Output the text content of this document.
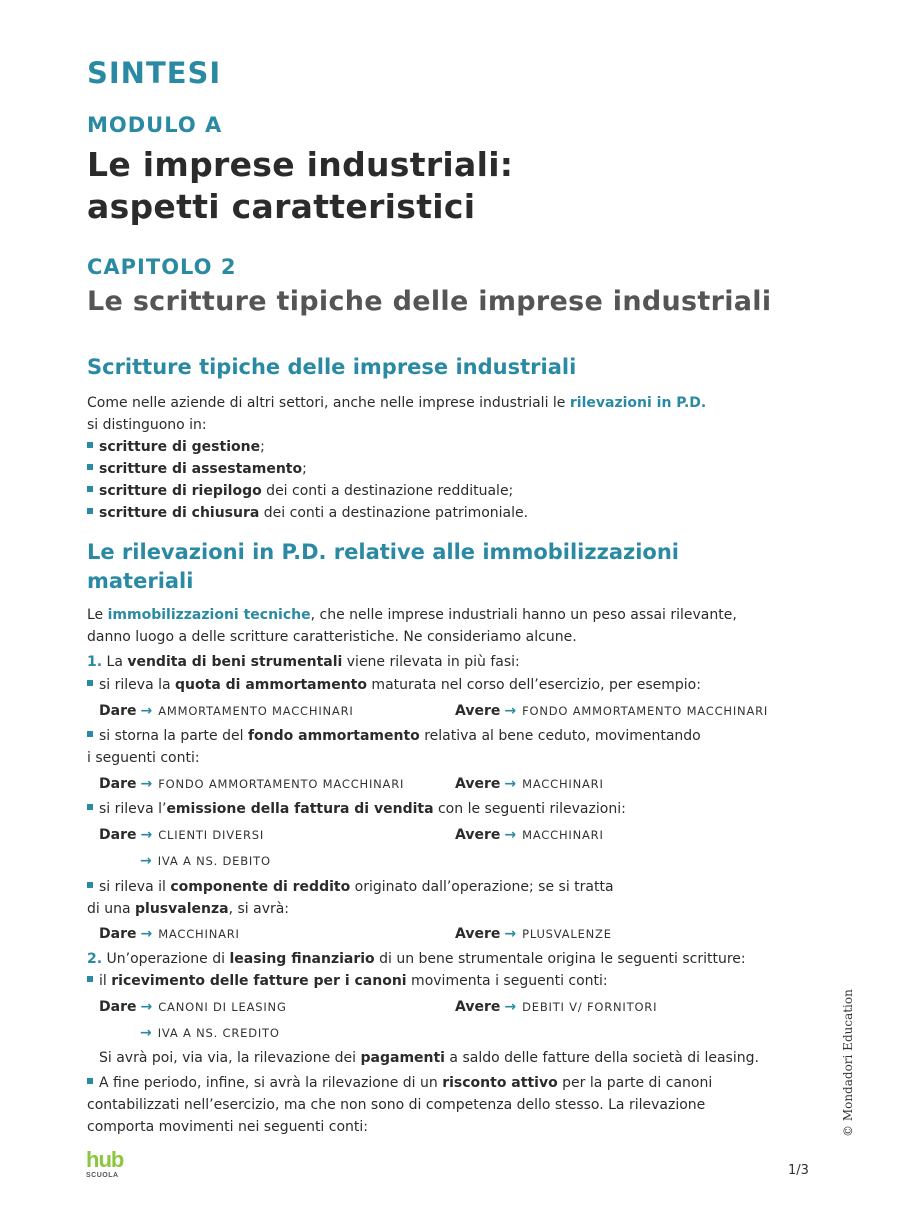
SINTESI
MODULO A
Le imprese industriali:
aspetti caratteristici
CAPITOLO 2
Le scritture tipiche delle imprese industriali
Scritture tipiche delle imprese industriali
Come nelle aziende di altri settori, anche nelle imprese industriali le rilevazioni in P.D.
si distinguono in:
scritture di gestione;
scritture di assestamento;
scritture di riepilogo dei conti a destinazione reddituale;
scritture di chiusura dei conti a destinazione patrimoniale.
Le rilevazioni in P.D. relative alle immobilizzazioni
materiali
Le immobilizzazioni tecniche, che nelle imprese industriali hanno un peso assai rilevante,
danno luogo a delle scritture caratteristiche. Ne consideriamo alcune.
1. La vendita di beni strumentali viene rilevata in più fasi:
si rileva la quota di ammortamento maturata nel corso dell’esercizio, per esempio:
Dare → AMMORTAMENTO MACCHINARI	Avere → FONDO AMMORTAMENTO MACCHINARI
si storna la parte del fondo ammortamento relativa al bene ceduto, movimentando
i seguenti conti:
Dare → FONDO AMMORTAMENTO MACCHINARI	Avere → MACCHINARI
si rileva l’emissione della fattura di vendita con le seguenti rilevazioni:
Dare → CLIENTI DIVERSI	Avere → MACCHINARI
→ IVA A NS. DEBITO
si rileva il componente di reddito originato dall’operazione; se si tratta
di una plusvalenza, si avrà:
Dare → MACCHINARI	Avere → PLUSVALENZE
2. Un’operazione di leasing finanziario di un bene strumentale origina le seguenti scritture:
il ricevimento delle fatture per i canoni movimenta i seguenti conti:
Dare → CANONI DI LEASING	Avere → DEBITI V/ FORNITORI
→ IVA A NS. CREDITO
Si avrà poi, via via, la rilevazione dei pagamenti a saldo delle fatture della società di leasing.
A fine periodo, infine, si avrà la rilevazione di un risconto attivo per la parte di canoni
contabilizzati nell’esercizio, ma che non sono di competenza dello stesso. La rilevazione
comporta movimenti nei seguenti conti:	© Mondadori Education
hub
SCUOLA	1/3
